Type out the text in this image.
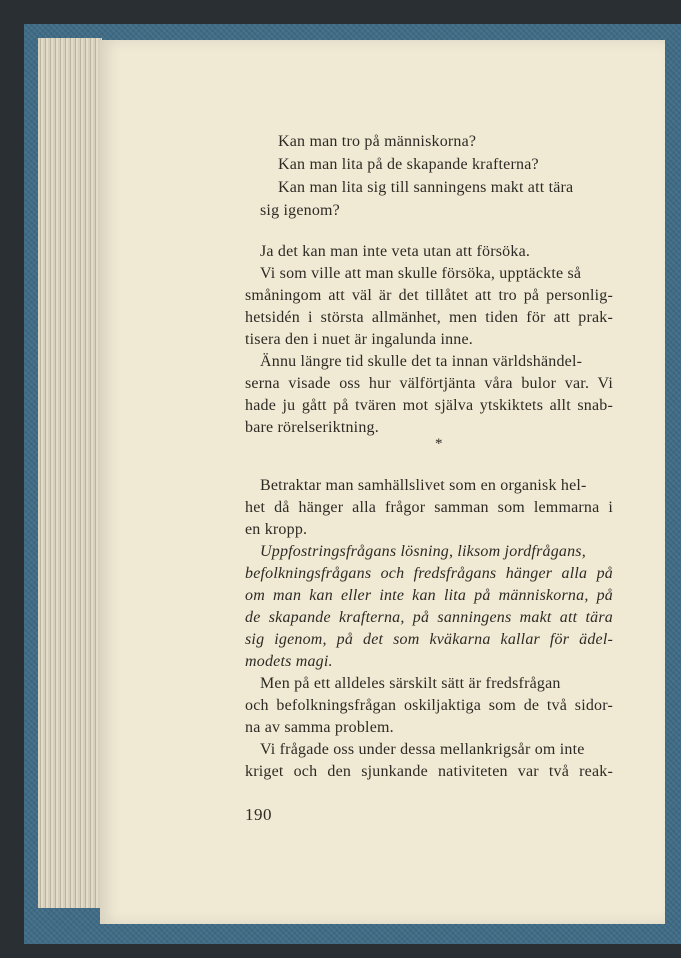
Kan man tro på människorna?
Kan man lita på de skapande krafterna?
Kan man lita sig till sanningens makt att tära
sig igenom?
Ja det kan man inte veta utan att försöka.
Vi som ville att man skulle försöka, upptäckte så
småningom att väl är det tillåtet att tro på personlig-
hetsidén i största allmänhet, men tiden för att prak-
tisera den i nuet är ingalunda inne.
Ännu längre tid skulle det ta innan världshändel-
serna visade oss hur välförtjänta våra bulor var. Vi
hade ju gått på tvären mot själva ytskiktets allt snab-
bare rörelseriktning.
*
Betraktar man samhällslivet som en organisk hel-
het då hänger alla frågor samman som lemmarna i
en kropp.
Uppfostringsfrågans lösning, liksom jordfrågans,
befolkningsfrågans och fredsfrågans hänger alla på
om man kan eller inte kan lita på människorna, på
de skapande krafterna, på sanningens makt att tära
sig igenom, på det som kväkarna kallar för ädel-
modets magi.
Men på ett alldeles särskilt sätt är fredsfrågan
och befolkningsfrågan oskiljaktiga som de två sidor-
na av samma problem.
Vi frågade oss under dessa mellankrigsår om inte
kriget och den sjunkande nativiteten var två reak-
190
